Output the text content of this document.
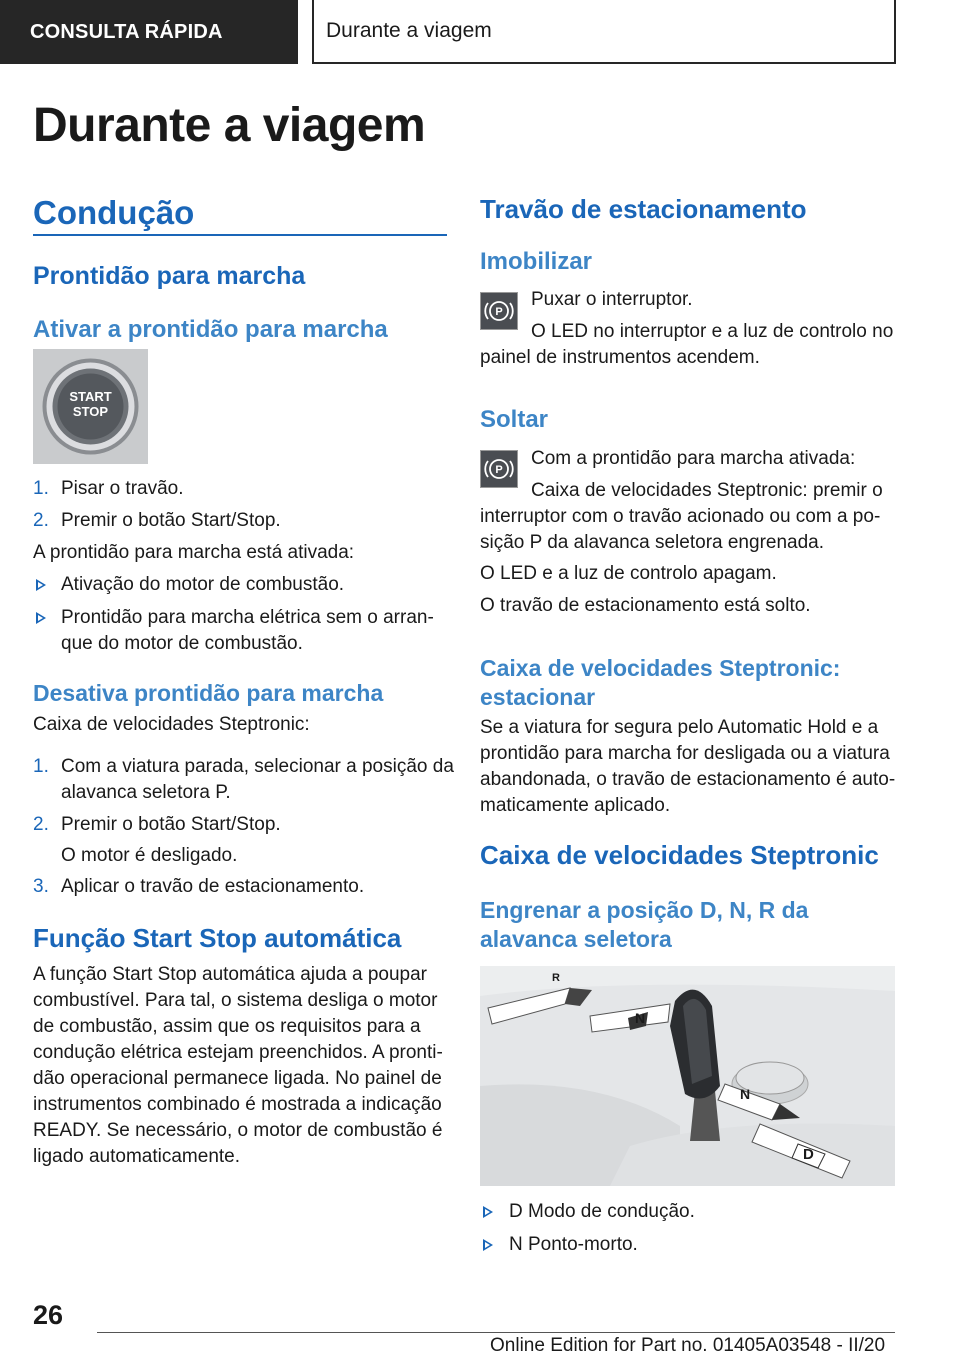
CONSULTA RÁPIDA	Durante a viagem
Durante a viagem
Condução
Prontidão para marcha
Ativar a prontidão para marcha
START
STOP
1. Pisar o travão.

2. Premir o botão Start/Stop.

A prontidão para marcha está ativada:

Ativação do motor de combustão.

Prontidão para marcha elétrica sem o arran-

que do motor de combustão.

Desativa prontidão para marcha

Caixa de velocidades Steptronic:

1. Com a viatura parada, selecionar a posição da

alavanca seletora P.

2. Premir o botão Start/Stop.

O motor é desligado.

3. Aplicar o travão de estacionamento.

Função Start Stop automática

A função Start Stop automática ajuda a poupar

combustível. Para tal, o sistema desliga o motor

de combustão, assim que os requisitos para a

condução elétrica estejam preenchidos. A pronti-

dão operacional permanece ligada. No painel de

instrumentos combinado é mostrada a indicação

READY. Se necessário, o motor de combustão é

ligado automaticamente.

Travão de estacionamento
Imobilizar
P

Puxar o interruptor.

O LED no interruptor e a luz de controlo no

painel de instrumentos acendem.

Soltar
P

Com a prontidão para marcha ativada:

Caixa de velocidades Steptronic: premir o

interruptor com o travão acionado ou com a po-

sição P da alavanca seletora engrenada.

O LED e a luz de controlo apagam.

O travão de estacionamento está solto.

Caixa de velocidades Steptronic:
estacionar

Se a viatura for segura pelo Automatic Hold e a

prontidão para marcha for desligada ou a viatura

abandonada, o travão de estacionamento é auto-

maticamente aplicado.

Caixa de velocidades Steptronic
Engrenar a posição D, N, R da
alavanca seletora
R
N
N
D

D Modo de condução.

N Ponto-morto.

26
Online Edition for Part no. 01405A03548 - II/20
